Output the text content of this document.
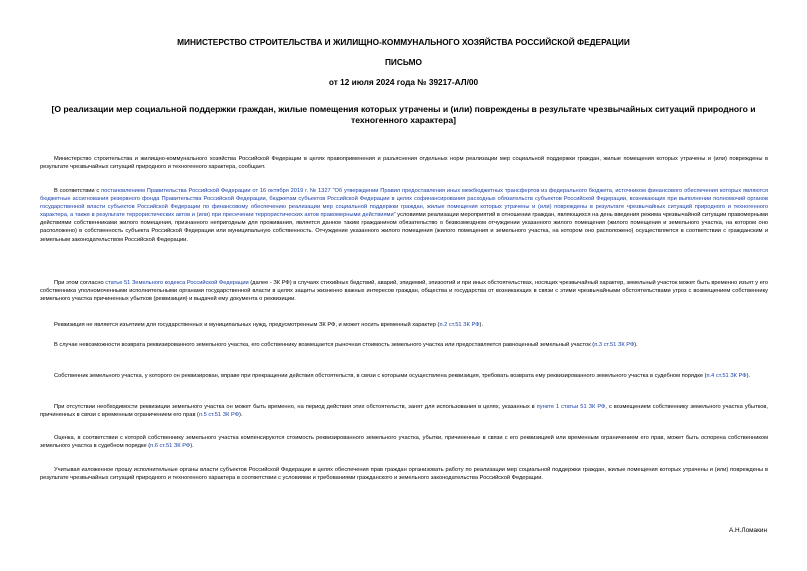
МИНИСТЕРСТВО СТРОИТЕЛЬСТВА И ЖИЛИЩНО-КОММУНАЛЬНОГО ХОЗЯЙСТВА РОССИЙСКОЙ ФЕДЕРАЦИИ
ПИСЬМО
от 12 июля 2024 года № 39217-АЛ/00
[О реализации мер социальной поддержки граждан, жилые помещения которых утрачены и (или) повреждены в результате чрезвычайных ситуаций природного и техногенного характера]
Министерство строительства и жилищно-коммунального хозяйства Российской Федерации в целях правоприменения и разъяснения отдельных норм реализации мер социальной поддержки граждан, жилые помещения которых утрачены и (или) повреждены в результате чрезвычайных ситуаций природного и техногенного характера, сообщает.
В соответствии с постановлением Правительства Российской Федерации от 16 октября 2019 г. № 1327 "Об утверждении Правил предоставления иных межбюджетных трансфертов из федерального бюджета, источником финансового обеспечения которых являются бюджетные ассигнования резервного фонда Правительства Российской Федерации, бюджетам субъектов Российской Федерации в целях софинансирования расходных обязательств субъектов Российской Федерации, возникающих при выполнении полномочий органов государственной власти субъектов Российской Федерации по финансовому обеспечению реализации мер социальной поддержки граждан, жилые помещения которых утрачены и (или) повреждены в результате чрезвычайных ситуаций природного и техногенного характера, а также в результате террористических актов и (или) при пресечении террористических актов правомерными действиями" условиями реализации мероприятий в отношении граждан, являющихся на день введения режима чрезвычайной ситуации правомерными действиями собственниками жилого помещения, признанного непригодным для проживания, является данное таким гражданином обязательство о безвозмездном отчуждении указанного жилого помещения (жилого помещения и земельного участка, на котором оно расположено) в собственность субъекта Российской Федерации или муниципальную собственность. Отчуждение указанного жилого помещения (жилого помещения и земельного участка, на котором оно расположено) осуществляется в соответствии с гражданским и земельным законодательством Российской Федерации.
При этом согласно статье 51 Земельного кодекса Российской Федерации (далее - ЗК РФ) в случаях стихийных бедствий, аварий, эпидемий, эпизоотий и при иных обстоятельствах, носящих чрезвычайный характер, земельный участок может быть временно изъят у его собственника уполномоченными исполнительными органами государственной власти в целях защиты жизненно важных интересов граждан, общества и государства от возникающих в связи с этими чрезвычайными обстоятельствами угроз с возмещением собственнику земельного участка причиненных убытков (реквизиция) и выдачей ему документа о реквизиции.
Реквизиция не является изъятием для государственных и муниципальных нужд, предусмотренным ЗК РФ, и может носить временный характер (п.2 ст.51 ЗК РФ).
В случае невозможности возврата реквизированного земельного участка, его собственнику возмещается рыночная стоимость земельного участка или предоставляется равноценный земельный участок (п.3 ст.51 ЗК РФ).
Собственник земельного участка, у которого он реквизирован, вправе при прекращении действия обстоятельств, в связи с которыми осуществлена реквизиция, требовать возврата ему реквизированного земельного участка в судебном порядке (п.4 ст.51 ЗК РФ).
При отсутствии необходимости реквизиции земельного участка он может быть временно, на период действия этих обстоятельств, занят для использования в целях, указанных в пункте 1 статьи 51 ЗК РФ, с возмещением собственнику земельного участка убытков, причиненных в связи с временным ограничением его прав (п.5 ст.51 ЗК РФ).
Оценка, в соответствии с которой собственнику земельного участка компенсируются стоимость реквизированного земельного участка, убытки, причиненные в связи с его реквизицией или временным ограничением его прав, может быть оспорена собственником земельного участка в судебном порядке (п.6 ст.51 ЗК РФ).
Учитывая изложенное прошу исполнительные органы власти субъектов Российской Федерации в целях обеспечения прав граждан организовать работу по реализации мер социальной поддержки граждан, жилые помещения которых утрачены и (или) повреждены в результате чрезвычайных ситуаций природного и техногенного характера в соответствии с условиями и требованиями гражданского и земельного законодательства Российской Федерации.
А.Н.Ломакин
